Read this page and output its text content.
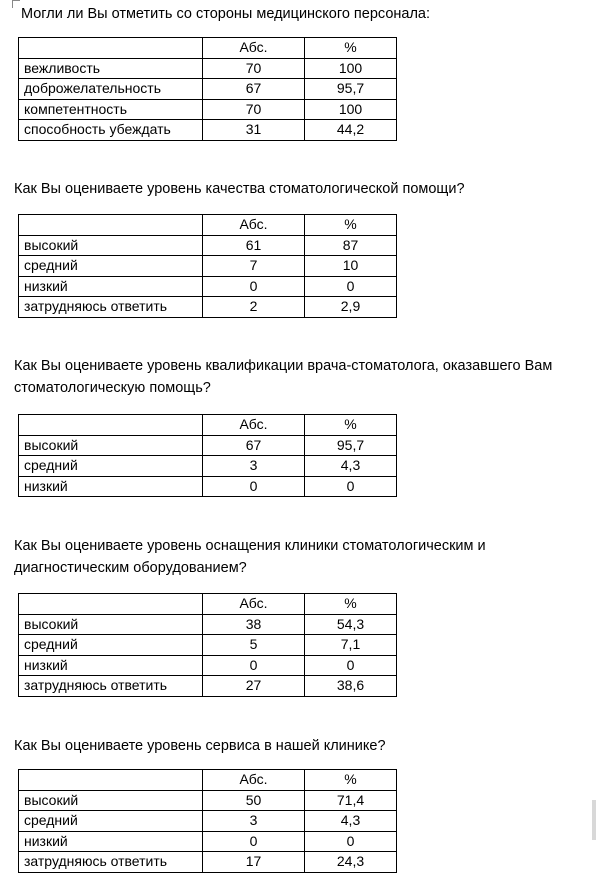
Могли ли Вы отметить со стороны медицинского персонала:

	Абс.	%
вежливость	70	100
доброжелательность	67	95,7
компетентность	70	100
способность убеждать	31	44,2

Как Вы оцениваете уровень качества стоматологической помощи?

	Абс.	%
высокий	61	87
средний	7	10
низкий	0	0
затрудняюсь ответить	2	2,9

Как Вы оцениваете уровень квалификации врача-стоматолога, оказавшего Вам стоматологическую помощь?

	Абс.	%
высокий	67	95,7
средний	3	4,3
низкий	0	0

Как Вы оцениваете уровень оснащения клиники стоматологическим и диагностическим оборудованием?

	Абс.	%
высокий	38	54,3
средний	5	7,1
низкий	0	0
затрудняюсь ответить	27	38,6

Как Вы оцениваете уровень сервиса в нашей клинике?

	Абс.	%
высокий	50	71,4
средний	3	4,3
низкий	0	0
затрудняюсь ответить	17	24,3
